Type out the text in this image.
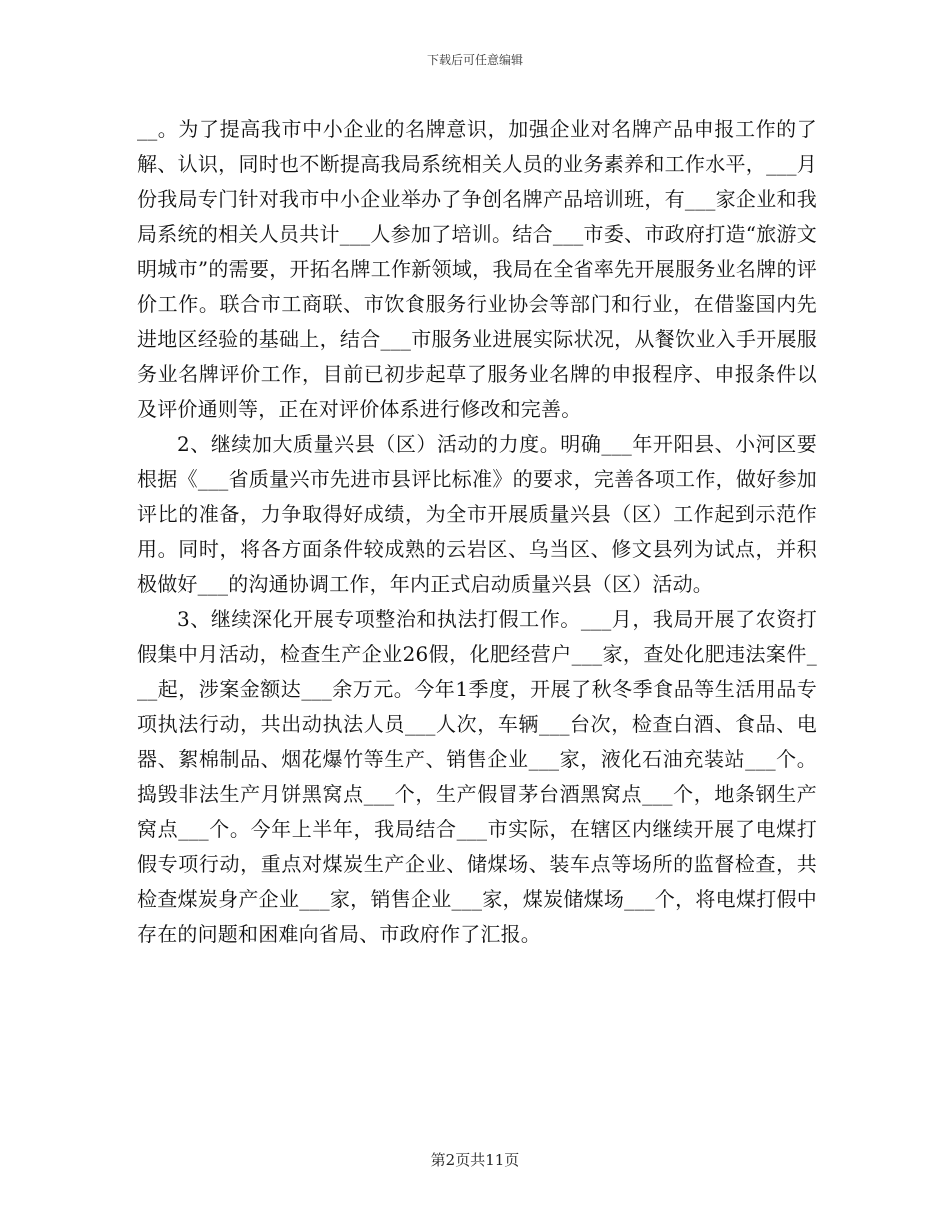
下载后可任意编辑

__。为了提高我市中小企业的名牌意识，加强企业对名牌产品申报工作的了解、认识，同时也不断提高我局系统相关人员的业务素养和工作水平，___月份我局专门针对我市中小企业举办了争创名牌产品培训班，有___家企业和我局系统的相关人员共计___人参加了培训。结合___市委、市政府打造“旅游文明城市”的需要，开拓名牌工作新领域，我局在全省率先开展服务业名牌的评价工作。联合市工商联、市饮食服务行业协会等部门和行业，在借鉴国内先进地区经验的基础上，结合___市服务业进展实际状况，从餐饮业入手开展服务业名牌评价工作，目前已初步起草了服务业名牌的申报程序、申报条件以及评价通则等，正在对评价体系进行修改和完善。

2、继续加大质量兴县（区）活动的力度。明确___年开阳县、小河区要根据《___省质量兴市先进市县评比标准》的要求，完善各项工作，做好参加评比的准备，力争取得好成绩，为全市开展质量兴县（区）工作起到示范作用。同时，将各方面条件较成熟的云岩区、乌当区、修文县列为试点，并积极做好___的沟通协调工作，年内正式启动质量兴县（区）活动。

3、继续深化开展专项整治和执法打假工作。___月，我局开展了农资打假集中月活动，检查生产企业26假，化肥经营户___家，查处化肥违法案件___起，涉案金额达___余万元。今年1季度，开展了秋冬季食品等生活用品专项执法行动，共出动执法人员___人次，车辆___台次，检查白酒、食品、电器、絮棉制品、烟花爆竹等生产、销售企业___家，液化石油充装站___个。捣毁非法生产月饼黑窝点___个，生产假冒茅台酒黑窝点___个，地条钢生产窝点___个。今年上半年，我局结合___市实际，在辖区内继续开展了电煤打假专项行动，重点对煤炭生产企业、储煤场、装车点等场所的监督检查，共检查煤炭身产企业___家，销售企业___家，煤炭储煤场___个，将电煤打假中存在的问题和困难向省局、市政府作了汇报。

第2页共11页
